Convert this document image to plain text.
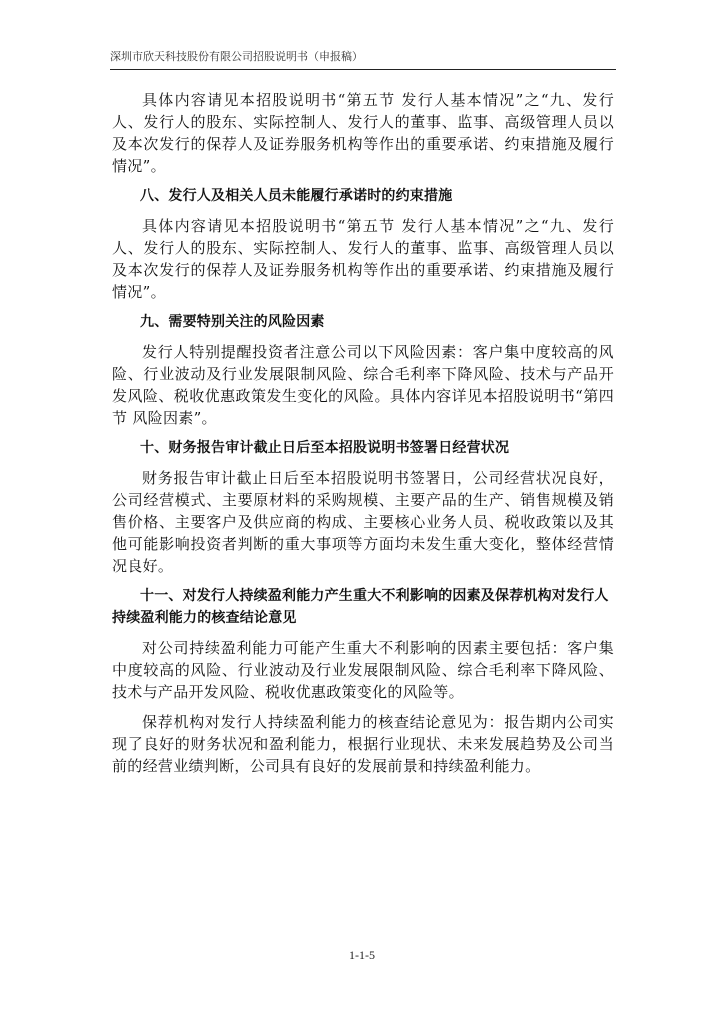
深圳市欣天科技股份有限公司招股说明书（申报稿）

具体内容请见本招股说明书“第五节 发行人基本情况”之“九、发行人、发行人的股东、实际控制人、发行人的董事、监事、高级管理人员以及本次发行的保荐人及证券服务机构等作出的重要承诺、约束措施及履行情况”。

八、发行人及相关人员未能履行承诺时的约束措施

具体内容请见本招股说明书“第五节 发行人基本情况”之“九、发行人、发行人的股东、实际控制人、发行人的董事、监事、高级管理人员以及本次发行的保荐人及证券服务机构等作出的重要承诺、约束措施及履行情况”。

九、需要特别关注的风险因素

发行人特别提醒投资者注意公司以下风险因素：客户集中度较高的风险、行业波动及行业发展限制风险、综合毛利率下降风险、技术与产品开发风险、税收优惠政策发生变化的风险。具体内容详见本招股说明书“第四节 风险因素”。

十、财务报告审计截止日后至本招股说明书签署日经营状况

财务报告审计截止日后至本招股说明书签署日，公司经营状况良好，公司经营模式、主要原材料的采购规模、主要产品的生产、销售规模及销售价格、主要客户及供应商的构成、主要核心业务人员、税收政策以及其他可能影响投资者判断的重大事项等方面均未发生重大变化，整体经营情况良好。

十一、对发行人持续盈利能力产生重大不利影响的因素及保荐机构对发行人持续盈利能力的核查结论意见

对公司持续盈利能力可能产生重大不利影响的因素主要包括：客户集中度较高的风险、行业波动及行业发展限制风险、综合毛利率下降风险、技术与产品开发风险、税收优惠政策变化的风险等。

保荐机构对发行人持续盈利能力的核查结论意见为：报告期内公司实现了良好的财务状况和盈利能力，根据行业现状、未来发展趋势及公司当前的经营业绩判断，公司具有良好的发展前景和持续盈利能力。

1-1-5
